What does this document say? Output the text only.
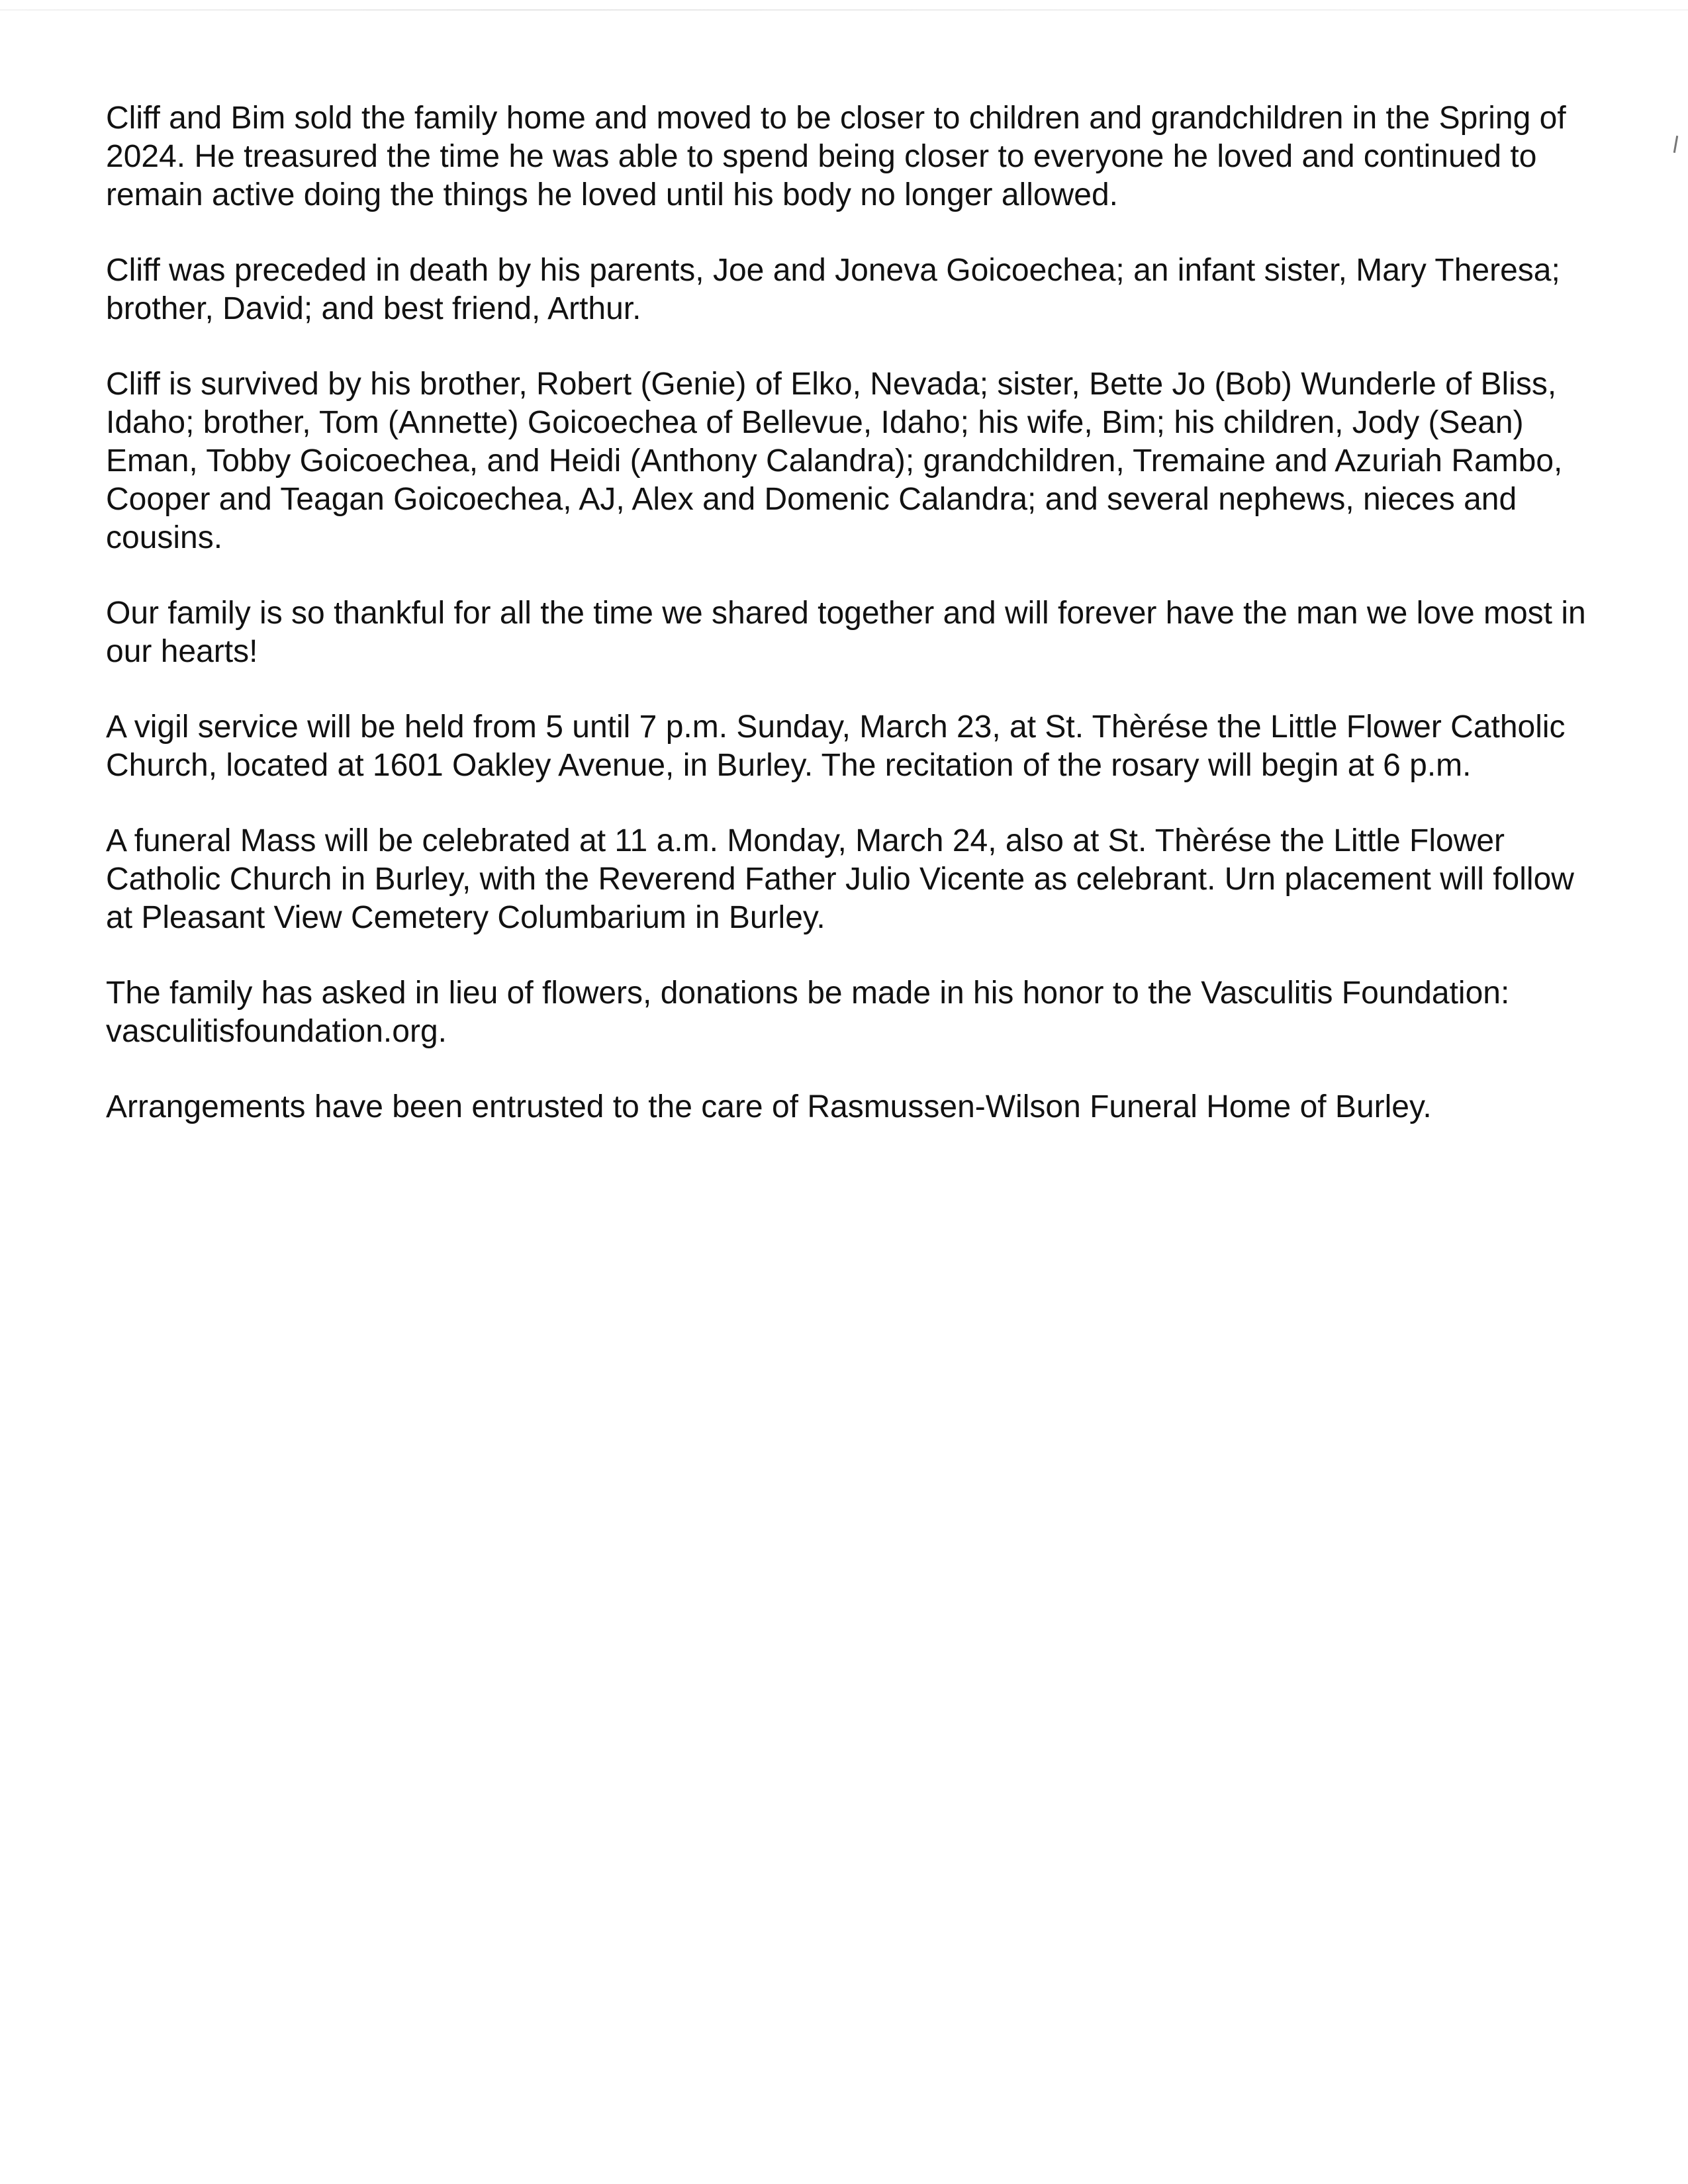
Cliff and Bim sold the family home and moved to be closer to children and grandchildren in the Spring of 2024. He treasured the time he was able to spend being closer to everyone he loved and continued to remain active doing the things he loved until his body no longer allowed.

Cliff was preceded in death by his parents, Joe and Joneva Goicoechea; an infant sister, Mary Theresa; brother, David; and best friend, Arthur.

Cliff is survived by his brother, Robert (Genie) of Elko, Nevada; sister, Bette Jo (Bob) Wunderle of Bliss, Idaho; brother, Tom (Annette) Goicoechea of Bellevue, Idaho; his wife, Bim; his children, Jody (Sean) Eman, Tobby Goicoechea, and Heidi (Anthony Calandra); grandchildren, Tremaine and Azuriah Rambo, Cooper and Teagan Goicoechea, AJ, Alex and Domenic Calandra; and several nephews, nieces and cousins.

Our family is so thankful for all the time we shared together and will forever have the man we love most in our hearts!

A vigil service will be held from 5 until 7 p.m. Sunday, March 23, at St. Thèrése the Little Flower Catholic Church, located at 1601 Oakley Avenue, in Burley. The recitation of the rosary will begin at 6 p.m.

A funeral Mass will be celebrated at 11 a.m. Monday, March 24, also at St. Thèrése the Little Flower Catholic Church in Burley, with the Reverend Father Julio Vicente as celebrant. Urn placement will follow at Pleasant View Cemetery Columbarium in Burley.

The family has asked in lieu of flowers, donations be made in his honor to the Vasculitis Foundation: vasculitisfoundation.org.

Arrangements have been entrusted to the care of Rasmussen-Wilson Funeral Home of Burley.
